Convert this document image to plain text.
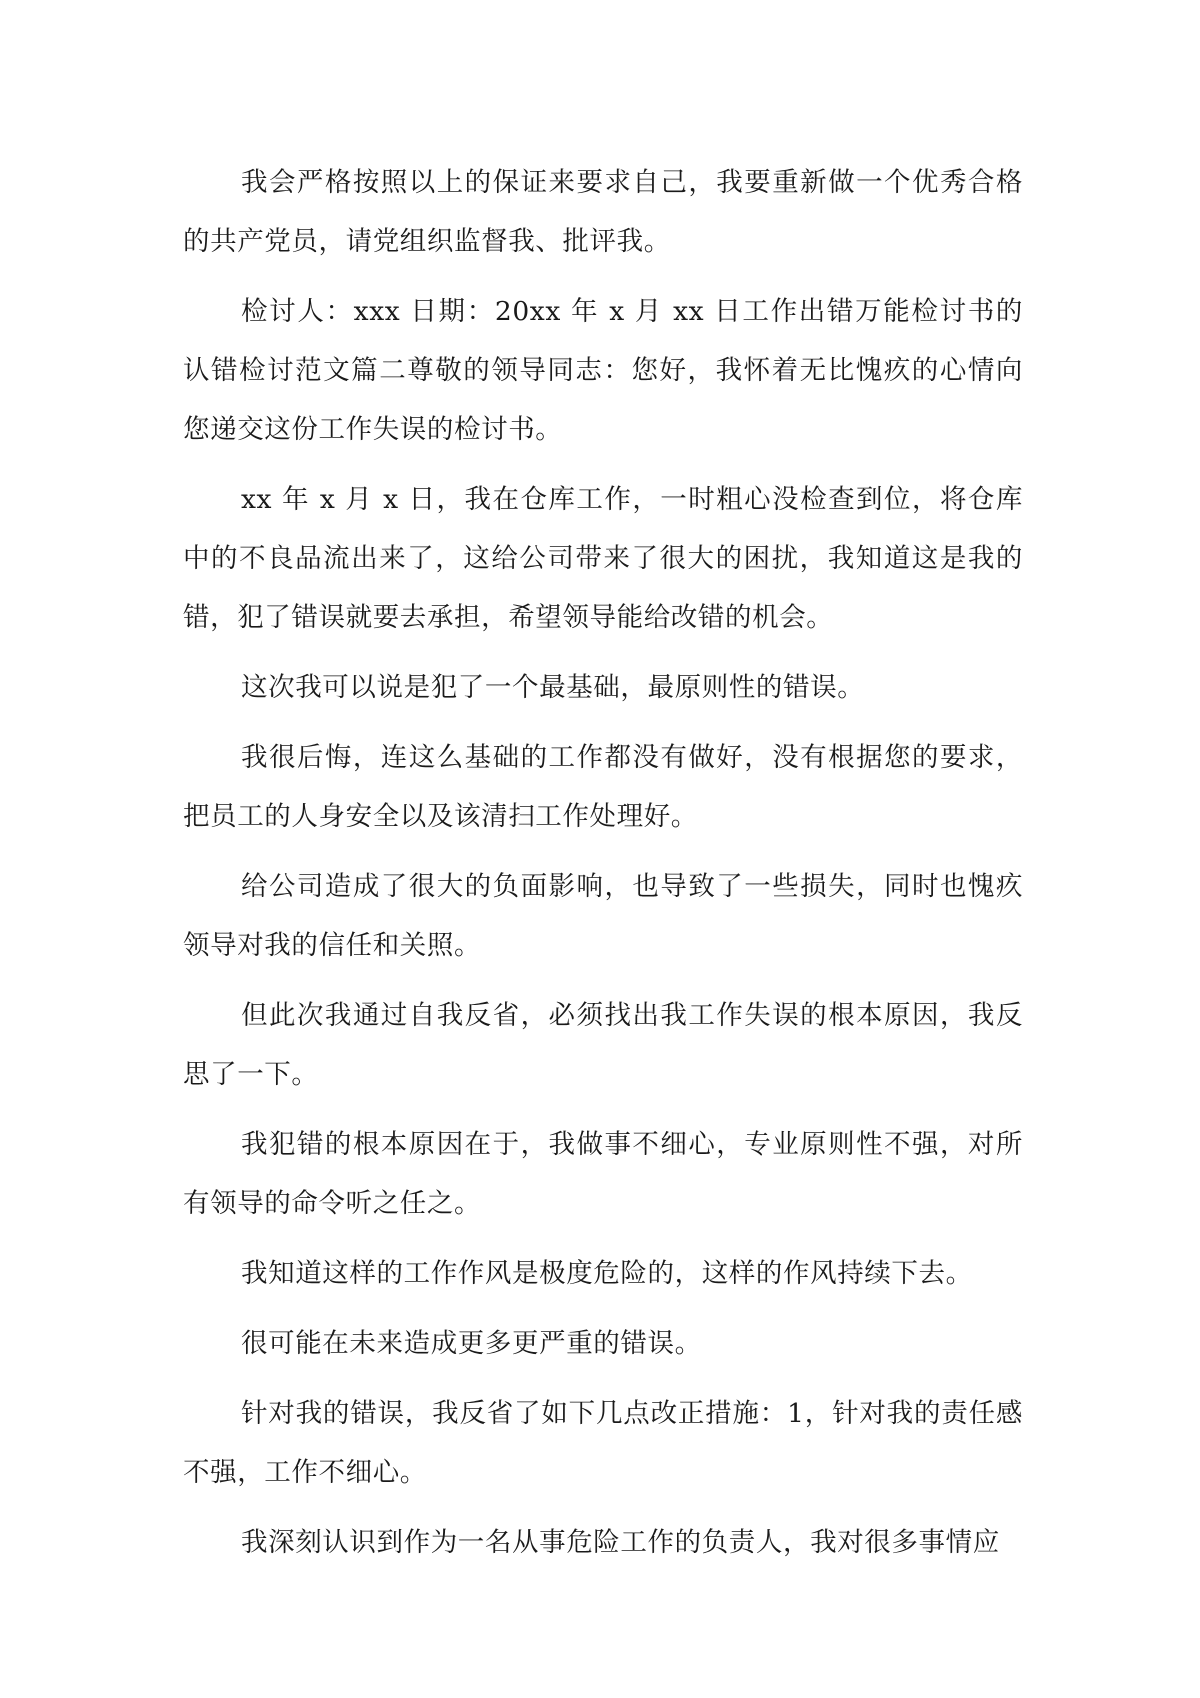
我会严格按照以上的保证来要求自己，我要重新做一个优秀合格的共产党员，请党组织监督我、批评我。

检讨人：xxx 日期：20xx 年 x 月 xx 日工作出错万能检讨书的认错检讨范文篇二尊敬的领导同志：您好，我怀着无比愧疚的心情向您递交这份工作失误的检讨书。

xx 年 x 月 x 日，我在仓库工作，一时粗心没检查到位，将仓库中的不良品流出来了，这给公司带来了很大的困扰，我知道这是我的错，犯了错误就要去承担，希望领导能给改错的机会。

这次我可以说是犯了一个最基础，最原则性的错误。

我很后悔，连这么基础的工作都没有做好，没有根据您的要求，把员工的人身安全以及该清扫工作处理好。

给公司造成了很大的负面影响，也导致了一些损失，同时也愧疚领导对我的信任和关照。

但此次我通过自我反省，必须找出我工作失误的根本原因，我反思了一下。

我犯错的根本原因在于，我做事不细心，专业原则性不强，对所有领导的命令听之任之。

我知道这样的工作作风是极度危险的，这样的作风持续下去。

很可能在未来造成更多更严重的错误。

针对我的错误，我反省了如下几点改正措施：1，针对我的责任感不强，工作不细心。

我深刻认识到作为一名从事危险工作的负责人，我对很多事情应
